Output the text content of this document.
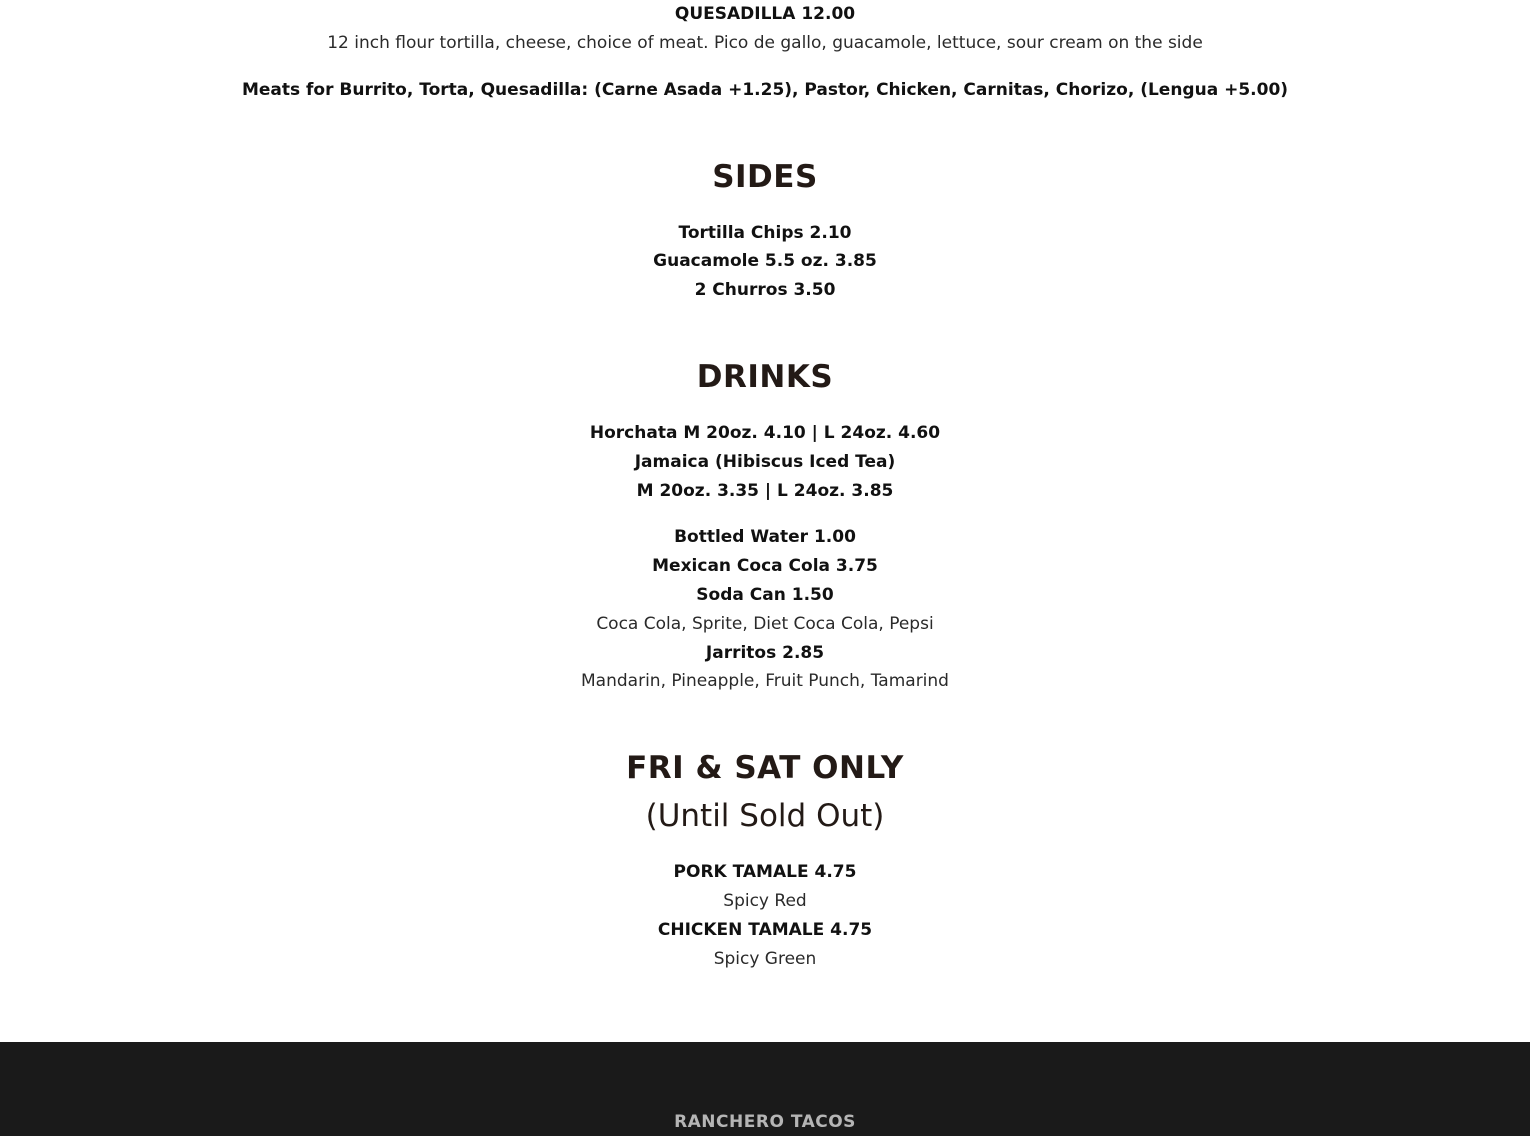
QUESADILLA 12.00
12 inch flour tortilla, cheese, choice of meat. Pico de gallo, guacamole, lettuce, sour cream on the side
Meats for Burrito, Torta, Quesadilla: (Carne Asada +1.25), Pastor, Chicken, Carnitas, Chorizo, (Lengua +5.00)
SIDES
Tortilla Chips 2.10
Guacamole 5.5 oz. 3.85
2 Churros 3.50
DRINKS
Horchata M 20oz. 4.10 | L 24oz. 4.60
Jamaica (Hibiscus Iced Tea)
M 20oz. 3.35 | L 24oz. 3.85
Bottled Water 1.00
Mexican Coca Cola 3.75
Soda Can 1.50
Coca Cola, Sprite, Diet Coca Cola, Pepsi
Jarritos 2.85
Mandarin, Pineapple, Fruit Punch, Tamarind
FRI & SAT ONLY
(Until Sold Out)
PORK TAMALE 4.75
Spicy Red
CHICKEN TAMALE 4.75
Spicy Green
RANCHERO TACOS
